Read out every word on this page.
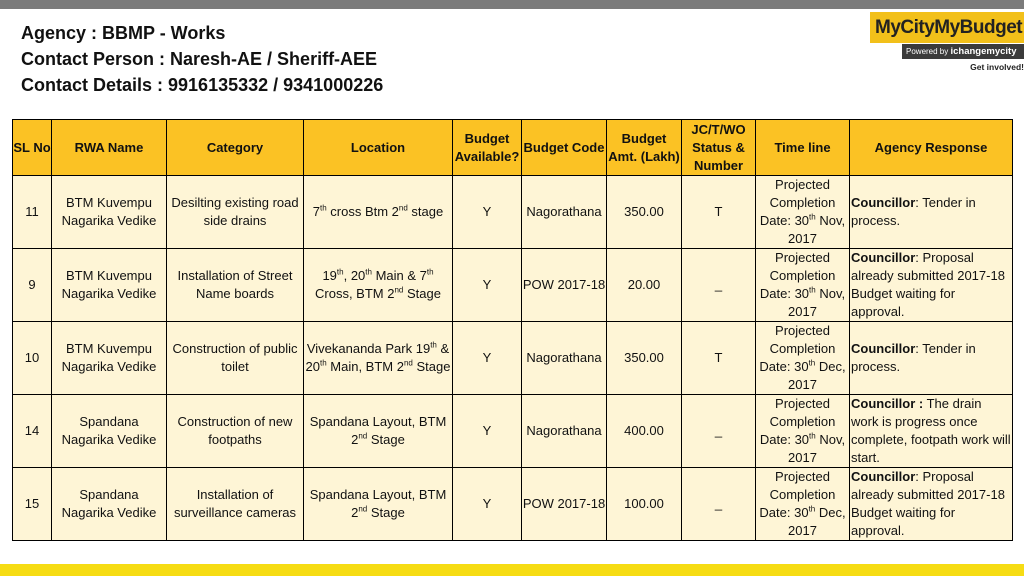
Agency : BBMP - Works
Contact Person : Naresh-AE / Sheriff-AEE
Contact Details : 9916135332 / 9341000226
MyCityMyBudget
Powered by ichangemycity
Get involved!
SL No	RWA Name	Category	Location	Budget Available?	Budget Code	Budget Amt. (Lakh)	JC/T/WO Status & Number	Time line	Agency Response
11	BTM Kuvempu Nagarika Vedike	Desilting existing road side drains	7th cross Btm 2nd stage	Y	Nagorathana	350.00	T	Projected Completion Date: 30th Nov, 2017	Councillor: Tender in process.
9	BTM Kuvempu Nagarika Vedike	Installation of Street Name boards	19th, 20th Main & 7th Cross, BTM 2nd Stage	Y	POW 2017-18	20.00	_	Projected Completion Date: 30th Nov, 2017	Councillor: Proposal already submitted 2017-18 Budget waiting for approval.
10	BTM Kuvempu Nagarika Vedike	Construction of public toilet	Vivekananda Park 19th & 20th Main, BTM 2nd Stage	Y	Nagorathana	350.00	T	Projected Completion Date: 30th Dec, 2017	Councillor: Tender in process.
14	Spandana Nagarika Vedike	Construction of new footpaths	Spandana Layout, BTM 2nd Stage	Y	Nagorathana	400.00	_	Projected Completion Date: 30th Nov, 2017	Councillor : The drain work is progress once complete, footpath work will start.
15	Spandana Nagarika Vedike	Installation of surveillance cameras	Spandana Layout, BTM 2nd Stage	Y	POW 2017-18	100.00	_	Projected Completion Date: 30th Dec, 2017	Councillor: Proposal already submitted 2017-18 Budget waiting for approval.
